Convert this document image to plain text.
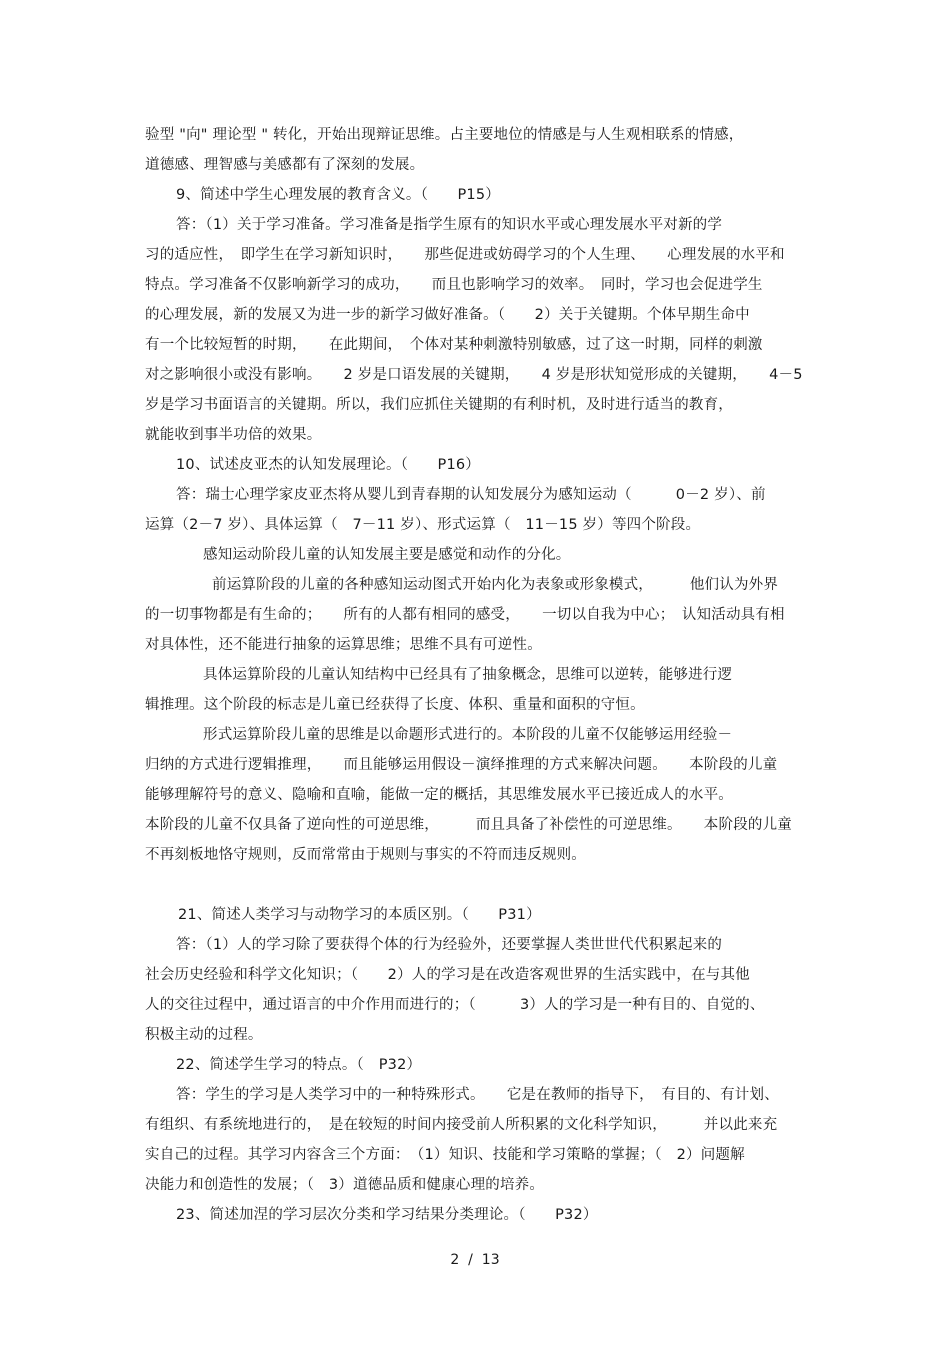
验型 "向" 理论型 " 转化，开始出现辩证思维。占主要地位的情感是与人生观相联系的情感，
道德感、理智感与美感都有了深刻的发展。
9、简述中学生心理发展的教育含义。（　　P15）
答：（1）关于学习准备。学习准备是指学生原有的知识水平或心理发展水平对新的学
习的适应性，　即学生在学习新知识时，　　那些促进或妨碍学习的个人生理、　　心理发展的水平和
特点。学习准备不仅影响新学习的成功，　　而且也影响学习的效率。　同时，学习也会促进学生
的心理发展，新的发展又为进一步的新学习做好准备。（　　2）关于关键期。个体早期生命中
有一个比较短暂的时期，　　在此期间，　个体对某种刺激特别敏感，过了这一时期，同样的刺激
对之影响很小或没有影响。　　2 岁是口语发展的关键期，　　4 岁是形状知觉形成的关键期，　　4－5
岁是学习书面语言的关键期。所以，我们应抓住关键期的有利时机，及时进行适当的教育，
就能收到事半功倍的效果。
10、试述皮亚杰的认知发展理论。（　　P16）
答：瑞士心理学家皮亚杰将从婴儿到青春期的认知发展分为感知运动（　　　0－2 岁）、前
运算（2－7 岁）、具体运算（　7－11 岁）、形式运算（　11－15 岁）等四个阶段。
感知运动阶段儿童的认知发展主要是感觉和动作的分化。
前运算阶段的儿童的各种感知运动图式开始内化为表象或形象模式，　　　他们认为外界
的一切事物都是有生命的；　　所有的人都有相同的感受，　　一切以自我为中心；　认知活动具有相
对具体性，还不能进行抽象的运算思维；思维不具有可逆性。
具体运算阶段的儿童认知结构中已经具有了抽象概念，思维可以逆转，能够进行逻
辑推理。这个阶段的标志是儿童已经获得了长度、体积、重量和面积的守恒。
形式运算阶段儿童的思维是以命题形式进行的。本阶段的儿童不仅能够运用经验－
归纳的方式进行逻辑推理，　　而且能够运用假设－演绎推理的方式来解决问题。　　本阶段的儿童
能够理解符号的意义、隐喻和直喻，能做一定的概括，其思维发展水平已接近成人的水平。
本阶段的儿童不仅具备了逆向性的可逆思维，　　　而且具备了补偿性的可逆思维。　　本阶段的儿童
不再刻板地恪守规则，反而常常由于规则与事实的不符而违反规则。
21、简述人类学习与动物学习的本质区别。（　　P31）
答：（1）人的学习除了要获得个体的行为经验外，还要掌握人类世世代代积累起来的
社会历史经验和科学文化知识；（　　2）人的学习是在改造客观世界的生活实践中，在与其他
人的交往过程中，通过语言的中介作用而进行的；（　　　3）人的学习是一种有目的、自觉的、
积极主动的过程。
22、简述学生学习的特点。（　P32）
答：学生的学习是人类学习中的一种特殊形式。　　它是在教师的指导下，　有目的、有计划、
有组织、有系统地进行的，　是在较短的时间内接受前人所积累的文化科学知识，　　　并以此来充
实自己的过程。其学习内容含三个方面：　（1）知识、技能和学习策略的掌握；（　2）问题解
决能力和创造性的发展；（　3）道德品质和健康心理的培养。
23、简述加涅的学习层次分类和学习结果分类理论。（　　P32）
2  /  13
